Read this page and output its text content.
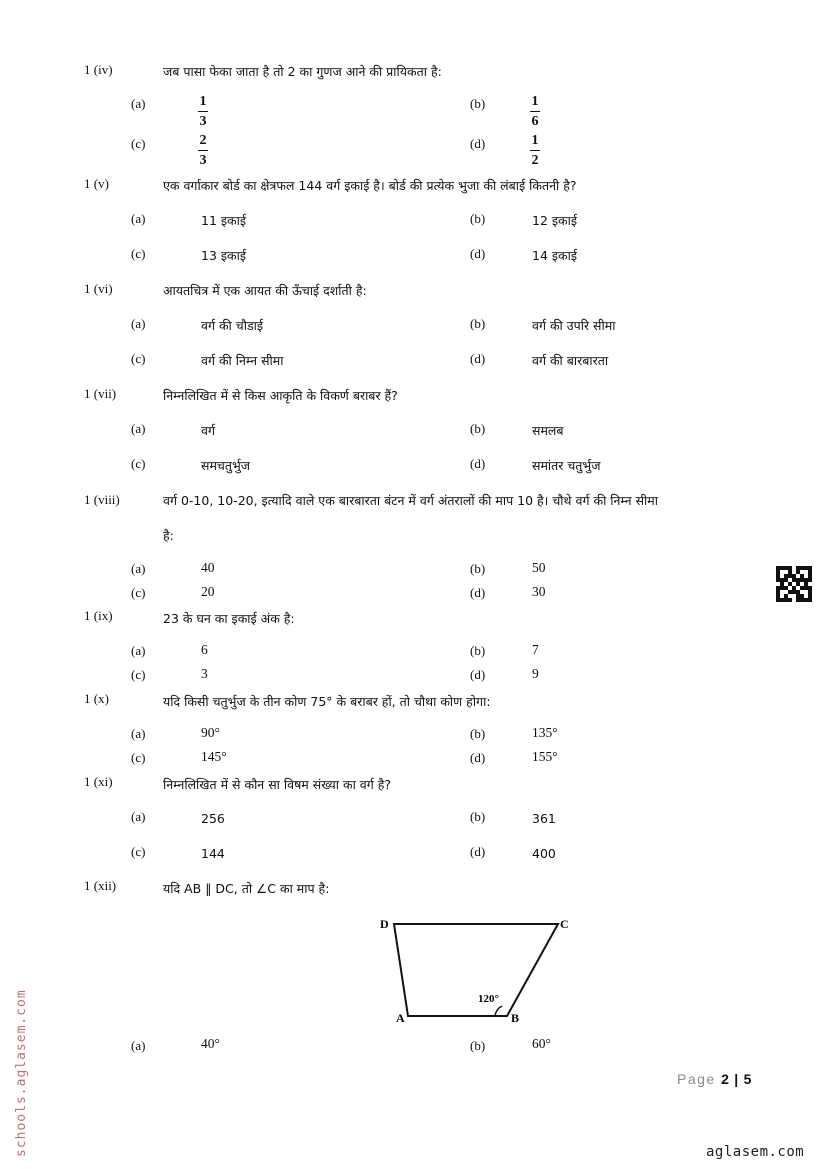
1 (iv)	जब पासा फेका जाता है तो 2 का गुणज आने की प्रायिकता है:
(a)	1
3
(b)	1
6
(c)	2
3
(d)	1
2
1 (v)	एक वर्गाकार बोर्ड का क्षेत्रफल 144 वर्ग इकाई है। बोर्ड की प्रत्येक भुजा की लंबाई कितनी है?
(a)	11 इकाई	(b)	12 इकाई
(c)	13 इकाई	(d)	14 इकाई
1 (vi)	आयतचित्र में एक आयत की ऊँचाई दर्शाती है:
(a)	वर्ग की चौडाई	(b)	वर्ग की उपरि सीमा
(c)	वर्ग की निम्न सीमा	(d)	वर्ग की बारबारता
1 (vii)	निम्नलिखित में से किस आकृति के विकर्ण बराबर हैं?
(a)	वर्ग	(b)	समलब
(c)	समचतुर्भुज	(d)	समांतर चतुर्भुज
1 (viii)	वर्ग 0-10, 10-20, इत्यादि वाले एक बारबारता बंटन में वर्ग अंतरालों की माप 10 है। चौथे वर्ग की निम्न सीमा
है:
(a)	40	(b)	50
(c)	20	(d)	30
1 (ix)	23 के घन का इकाई अंक है:
(a)	6	(b)	7
(c)	3	(d)	9
1 (x)	यदि किसी चतुर्भुज के तीन कोण 75° के बराबर हों, तो चौथा कोण होगा:
(a)	90°	(b)	135°
(c)	145°	(d)	155°
1 (xi)	निम्नलिखित में से कौन सा विषम संख्या का वर्ग है?
(a)	256	(b)	361
(c)	144	(d)	400
1 (xii)	यदि AB ‖ DC, तो ∠C का माप है:
D	C
A	B
120°
(a)	40°	(b)	60°
Page 2 | 5
schools.aglasem.com	aglasem.com
